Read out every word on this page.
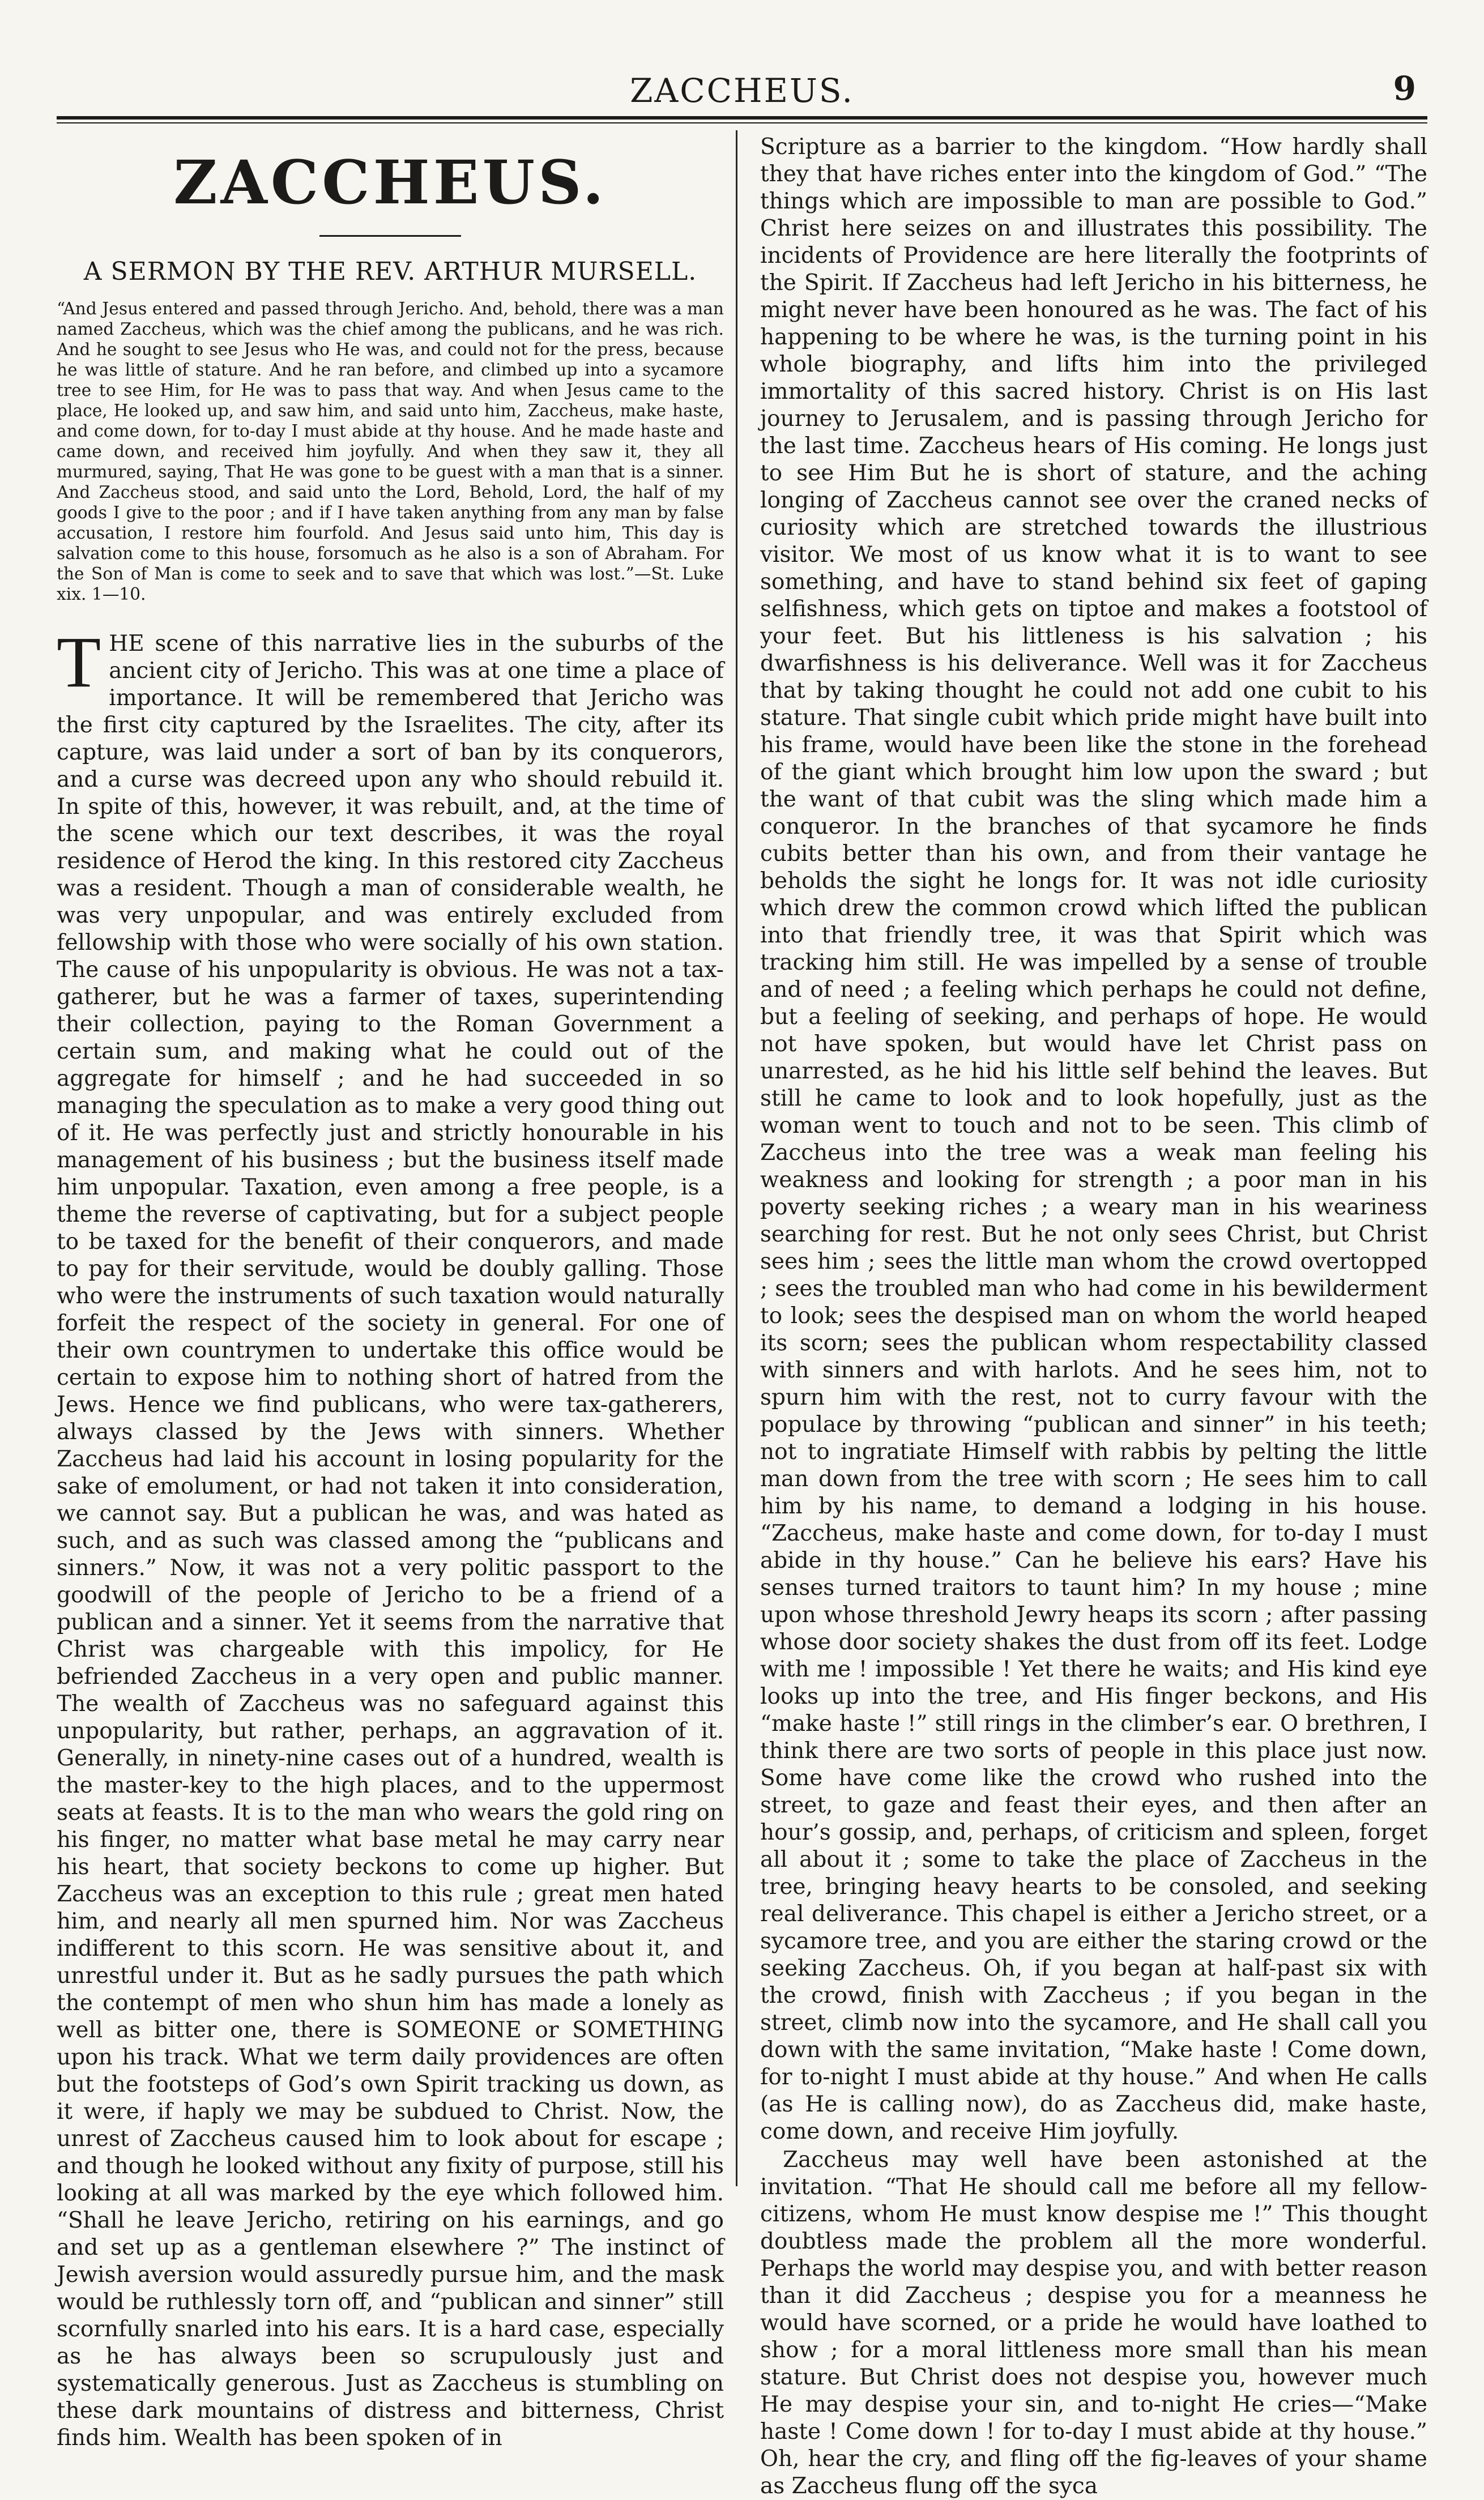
ZACCHEUS.	9
ZACCHEUS.
A SERMON BY THE REV. ARTHUR MURSELL.

“And Jesus entered and passed through Jericho. And, behold, there was a man named Zaccheus, which was the chief among the publicans, and he was rich. And he sought to see Jesus who He was, and could not for the press, because he was little of stature. And he ran before, and climbed up into a sycamore tree to see Him, for He was to pass that way. And when Jesus came to the place, He looked up, and saw him, and said unto him, Zaccheus, make haste, and come down, for to-day I must abide at thy house. And he made haste and came down, and received him joyfully. And when they saw it, they all murmured, saying, That He was gone to be guest with a man that is a sinner. And Zaccheus stood, and said unto the Lord, Behold, Lord, the half of my goods I give to the poor ; and if I have taken anything from any man by false accusation, I restore him fourfold. And Jesus said unto him, This day is salvation come to this house, forsomuch as he also is a son of Abraham. For the Son of Man is come to seek and to save that which was lost.”—St. Luke xix. 1—10.

THE scene of this narrative lies in the suburbs of the ancient city of Jericho. This was at one time a place of importance. It will be remembered that Jericho was the first city captured by the Israelites. The city, after its capture, was laid under a sort of ban by its conquerors, and a curse was decreed upon any who should rebuild it. In spite of this, however, it was rebuilt, and, at the time of the scene which our text describes, it was the royal residence of Herod the king. In this restored city Zaccheus was a resident. Though a man of considerable wealth, he was very unpopular, and was entirely excluded from fellowship with those who were socially of his own station. The cause of his unpopularity is obvious. He was not a tax-gatherer, but he was a farmer of taxes, superintending their collection, paying to the Roman Government a certain sum, and making what he could out of the aggregate for himself ; and he had succeeded in so managing the speculation as to make a very good thing out of it. He was perfectly just and strictly honourable in his management of his business ; but the business itself made him unpopular. Taxation, even among a free people, is a theme the reverse of captivating, but for a subject people to be taxed for the benefit of their conquerors, and made to pay for their servitude, would be doubly galling. Those who were the instruments of such taxation would naturally forfeit the respect of the society in general. For one of their own countrymen to undertake this office would be certain to expose him to nothing short of hatred from the Jews. Hence we find publicans, who were tax-gatherers, always classed by the Jews with sinners. Whether Zaccheus had laid his account in losing popularity for the sake of emolument, or had not taken it into consideration, we cannot say. But a publican he was, and was hated as such, and as such was classed among the “publicans and sinners.” Now, it was not a very politic passport to the goodwill of the people of Jericho to be a friend of a publican and a sinner. Yet it seems from the narrative that Christ was chargeable with this impolicy, for He befriended Zaccheus in a very open and public manner. The wealth of Zaccheus was no safeguard against this unpopularity, but rather, perhaps, an aggravation of it. Generally, in ninety-nine cases out of a hundred, wealth is the master-key to the high places, and to the uppermost seats at feasts. It is to the man who wears the gold ring on his finger, no matter what base metal he may carry near his heart, that society beckons to come up higher. But Zaccheus was an exception to this rule ; great men hated him, and nearly all men spurned him. Nor was Zaccheus indifferent to this scorn. He was sensitive about it, and unrestful under it. But as he sadly pursues the path which the contempt of men who shun him has made a lonely as well as bitter one, there is SOMEONE or SOMETHING upon his track. What we term daily providences are often but the footsteps of God’s own Spirit tracking us down, as it were, if haply we may be subdued to Christ. Now, the unrest of Zaccheus caused him to look about for escape ; and though he looked without any fixity of purpose, still his looking at all was marked by the eye which followed him. “Shall he leave Jericho, retiring on his earnings, and go and set up as a gentleman elsewhere ?” The instinct of Jewish aversion would assuredly pursue him, and the mask would be ruthlessly torn off, and “publican and sinner” still scornfully snarled into his ears. It is a hard case, especially as he has always been so scrupulously just and systematically generous. Just as Zaccheus is stumbling on these dark mountains of distress and bitterness, Christ finds him. Wealth has been spoken of in

Scripture as a barrier to the kingdom. “How hardly shall they that have riches enter into the kingdom of God.” “The things which are impossible to man are possible to God.” Christ here seizes on and illustrates this possibility. The incidents of Providence are here literally the footprints of the Spirit. If Zaccheus had left Jericho in his bitterness, he might never have been honoured as he was. The fact of his happening to be where he was, is the turning point in his whole biography, and lifts him into the privileged immortality of this sacred history. Christ is on His last journey to Jerusalem, and is passing through Jericho for the last time. Zaccheus hears of His coming. He longs just to see Him But he is short of stature, and the aching longing of Zaccheus cannot see over the craned necks of curiosity which are stretched towards the illustrious visitor. We most of us know what it is to want to see something, and have to stand behind six feet of gaping selfishness, which gets on tiptoe and makes a footstool of your feet. But his littleness is his salvation ; his dwarfishness is his deliverance. Well was it for Zaccheus that by taking thought he could not add one cubit to his stature. That single cubit which pride might have built into his frame, would have been like the stone in the forehead of the giant which brought him low upon the sward ; but the want of that cubit was the sling which made him a conqueror. In the branches of that sycamore he finds cubits better than his own, and from their vantage he beholds the sight he longs for. It was not idle curiosity which drew the common crowd which lifted the publican into that friendly tree, it was that Spirit which was tracking him still. He was impelled by a sense of trouble and of need ; a feeling which perhaps he could not define, but a feeling of seeking, and perhaps of hope. He would not have spoken, but would have let Christ pass on unarrested, as he hid his little self behind the leaves. But still he came to look and to look hopefully, just as the woman went to touch and not to be seen. This climb of Zaccheus into the tree was a weak man feeling his weakness and looking for strength ; a poor man in his poverty seeking riches ; a weary man in his weariness searching for rest. But he not only sees Christ, but Christ sees him ; sees the little man whom the crowd overtopped ; sees the troubled man who had come in his bewilderment to look; sees the despised man on whom the world heaped its scorn; sees the publican whom respectability classed with sinners and with harlots. And he sees him, not to spurn him with the rest, not to curry favour with the populace by throwing “publican and sinner” in his teeth; not to ingratiate Himself with rabbis by pelting the little man down from the tree with scorn ; He sees him to call him by his name, to demand a lodging in his house. “Zaccheus, make haste and come down, for to-day I must abide in thy house.” Can he believe his ears? Have his senses turned traitors to taunt him? In my house ; mine upon whose threshold Jewry heaps its scorn ; after passing whose door society shakes the dust from off its feet. Lodge with me ! impossible ! Yet there he waits; and His kind eye looks up into the tree, and His finger beckons, and His “make haste !” still rings in the climber’s ear. O brethren, I think there are two sorts of people in this place just now. Some have come like the crowd who rushed into the street, to gaze and feast their eyes, and then after an hour’s gossip, and, perhaps, of criticism and spleen, forget all about it ; some to take the place of Zaccheus in the tree, bringing heavy hearts to be consoled, and seeking real deliverance. This chapel is either a Jericho street, or a sycamore tree, and you are either the staring crowd or the seeking Zaccheus. Oh, if you began at half-past six with the crowd, finish with Zaccheus ; if you began in the street, climb now into the sycamore, and He shall call you down with the same invitation, “Make haste ! Come down, for to-night I must abide at thy house.” And when He calls (as He is calling now), do as Zaccheus did, make haste, come down, and receive Him joyfully.

Zaccheus may well have been astonished at the invitation. “That He should call me before all my fellow-citizens, whom He must know despise me !” This thought doubtless made the problem all the more wonderful. Perhaps the world may despise you, and with better reason than it did Zaccheus ; despise you for a meanness he would have scorned, or a pride he would have loathed to show ; for a moral littleness more small than his mean stature. But Christ does not despise you, however much He may despise your sin, and to-night He cries—“Make haste ! Come down ! for to-day I must abide at thy house.” Oh, hear the cry, and fling off the fig-leaves of your shame as Zaccheus flung off the syca
